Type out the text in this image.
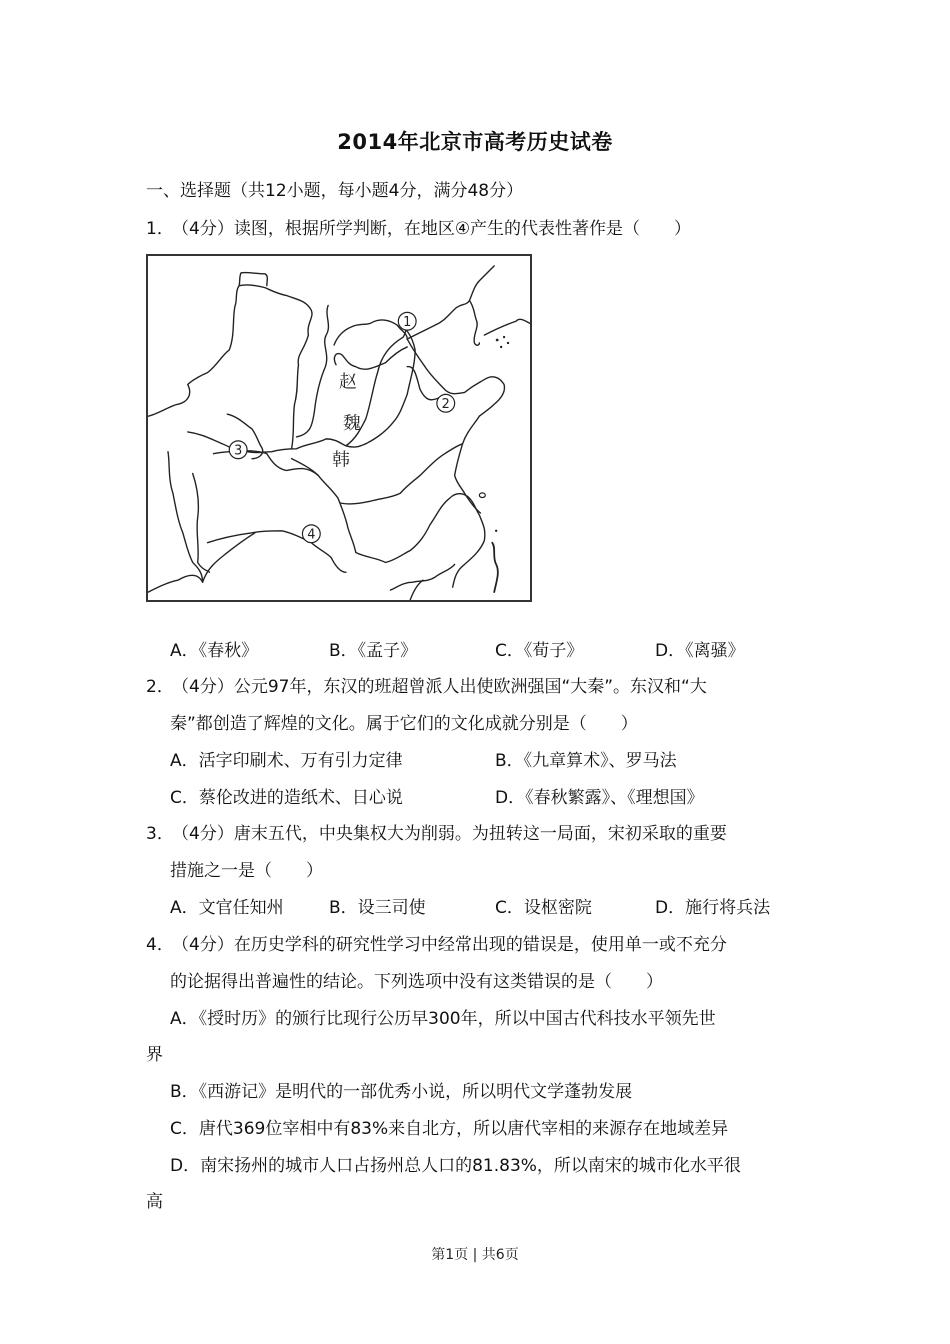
2014年北京市高考历史试卷
一、选择题（共12小题，每小题4分，满分48分）
1．
（4分）读图，根据所学判断，在地区④产生的代表性著作是（　　）
1
2
3
4
赵
魏
韩
A．《春秋》	B．《孟子》	C．《荀子》	D．《离骚》
2．
（4分）公元97年，东汉的班超曾派人出使欧洲强国“大秦”。东汉和“大
秦”都创造了辉煌的文化。属于它们的文化成就分别是（　　）
A．活字印刷术、万有引力定律	B．《九章算术》、罗马法
C．蔡伦改进的造纸术、日心说	D．《春秋繁露》、《理想国》
3．
（4分）唐末五代，中央集权大为削弱。为扭转这一局面，宋初采取的重要
措施之一是（　　）
A．文官任知州	B．设三司使	C．设枢密院	D．施行将兵法
4．
（4分）在历史学科的研究性学习中经常出现的错误是，使用单一或不充分
的论据得出普遍性的结论。下列选项中没有这类错误的是（　　）
A．《授时历》的颁行比现行公历早300年，所以中国古代科技水平领先世
界
B．《西游记》是明代的一部优秀小说，所以明代文学蓬勃发展
C．唐代369位宰相中有83%来自北方，所以唐代宰相的来源存在地域差异
D．南宋扬州的城市人口占扬州总人口的81.83%，所以南宋的城市化水平很
高
第1页 | 共6页
